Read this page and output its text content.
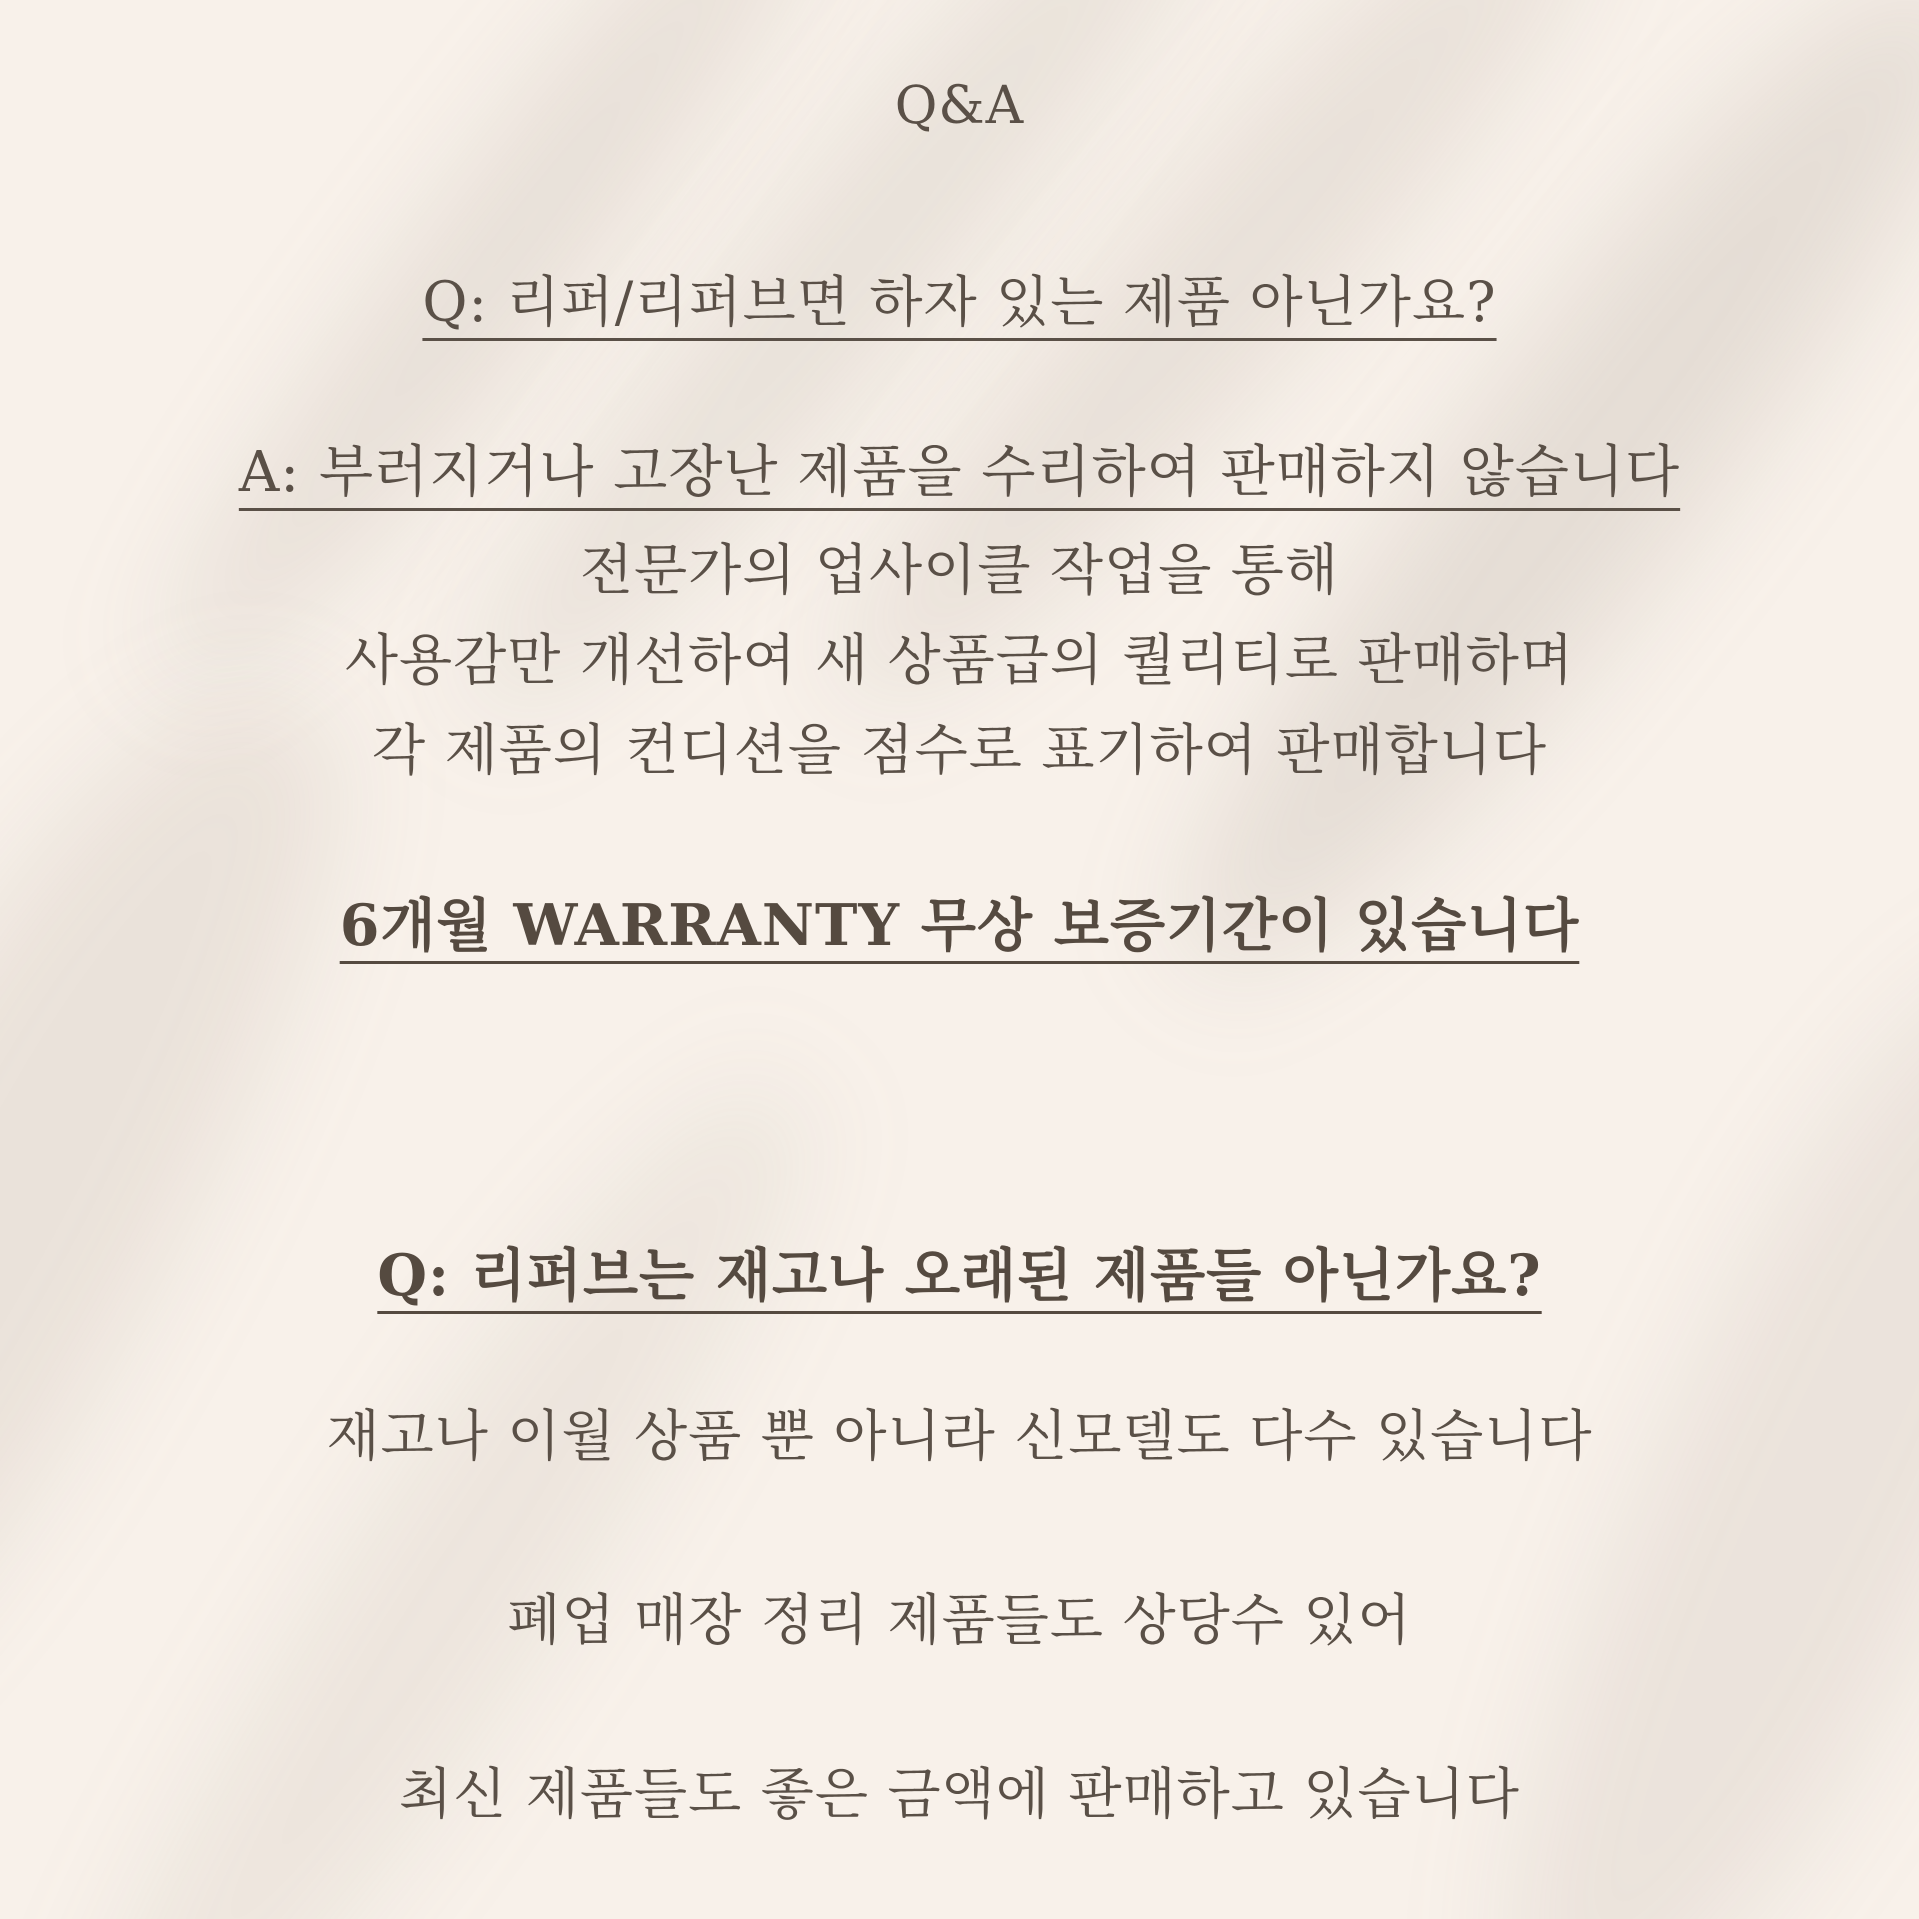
Q&A
Q: 리퍼/리퍼브면 하자 있는 제품 아닌가요?
A: 부러지거나 고장난 제품을 수리하여 판매하지 않습니다
전문가의 업사이클 작업을 통해
사용감만 개선하여 새 상품급의 퀄리티로 판매하며
각 제품의 컨디션을 점수로 표기하여 판매합니다
6개월 WARRANTY 무상 보증기간이 있습니다
Q: 리퍼브는 재고나 오래된 제품들 아닌가요?
재고나 이월 상품 뿐 아니라 신모델도 다수 있습니다
폐업 매장 정리 제품들도 상당수 있어
최신 제품들도 좋은 금액에 판매하고 있습니다
